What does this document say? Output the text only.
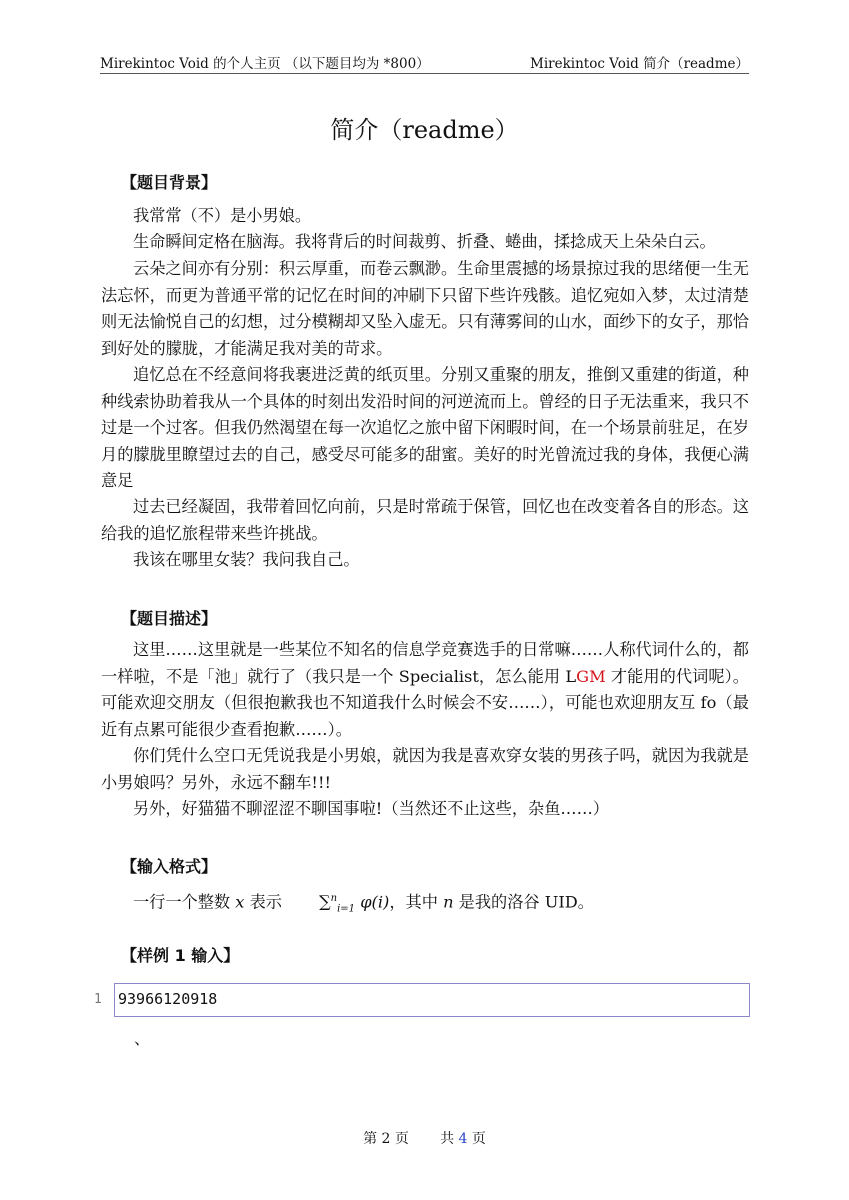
Mirekintoc Void 的个人主页 （以下题目均为 *800）	Mirekintoc Void 简介（readme）
简介（readme）
【题目背景】

我常常（不）是小男娘。

生命瞬间定格在脑海。我将背后的时间裁剪、折叠、蜷曲，揉捻成天上朵朵白云。

云朵之间亦有分别：积云厚重，而卷云飘渺。生命里震撼的场景掠过我的思绪便一生无法忘怀，而更为普通平常的记忆在时间的冲刷下只留下些许残骸。追忆宛如入梦，太过清楚则无法愉悦自己的幻想，过分模糊却又坠入虚无。只有薄雾间的山水，面纱下的女子，那恰到好处的朦胧，才能满足我对美的苛求。

追忆总在不经意间将我裹进泛黄的纸页里。分别又重聚的朋友，推倒又重建的街道，种种线索协助着我从一个具体的时刻出发沿时间的河逆流而上。曾经的日子无法重来，我只不过是一个过客。但我仍然渴望在每一次追忆之旅中留下闲暇时间，在一个场景前驻足，在岁月的朦胧里瞭望过去的自己，感受尽可能多的甜蜜。美好的时光曾流过我的身体，我便心满意足

过去已经凝固，我带着回忆向前，只是时常疏于保管，回忆也在改变着各自的形态。这给我的追忆旅程带来些许挑战。

我该在哪里女装？我问我自己。

【题目描述】

这里……这里就是一些某位不知名的信息学竞赛选手的日常嘛……人称代词什么的，都一样啦，不是「池」就行了（我只是一个 Specialist，怎么能用 LGM 才能用的代词呢）。可能欢迎交朋友（但很抱歉我也不知道我什么时候会不安……），可能也欢迎朋友互 fo（最近有点累可能很少查看抱歉……）。

你们凭什么空口无凭说我是小男娘，就因为我是喜欢穿女装的男孩子吗，就因为我就是小男娘吗？另外，永远不翻车!!!

另外，好猫猫不聊涩涩不聊国事啦!（当然还不止这些，杂鱼……）

【输入格式】

一行一个整数 x 表示 ∑$^n_{i=1}$ φ(i)，其中 n 是我的洛谷 UID。

【样例 1 输入】
1 93966120918
、
第 2 页 共 4 页
